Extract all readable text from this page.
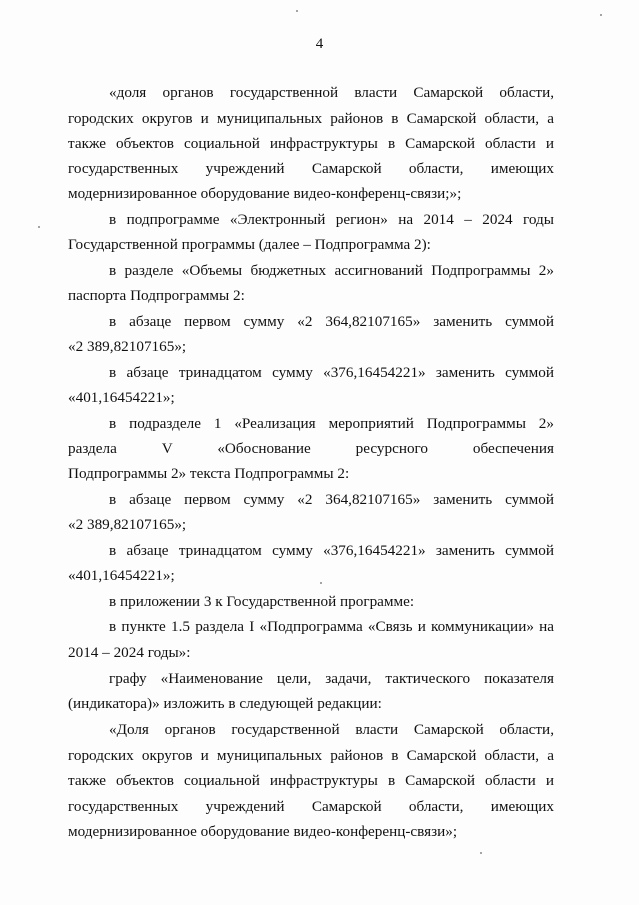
4
«доля органов государственной власти Самарской области,
городских округов и муниципальных районов в Самарской области, а
также объектов социальной инфраструктуры в Самарской области и
государственных учреждений Самарской области, имеющих
модернизированное оборудование видео-конференц-связи;»;
в подпрограмме «Электронный регион» на 2014 – 2024 годы
Государственной программы (далее – Подпрограмма 2):
в разделе «Объемы бюджетных ассигнований Подпрограммы 2»
паспорта Подпрограммы 2:
в абзаце первом сумму «2 364,82107165» заменить суммой
«2 389,82107165»;
в абзаце тринадцатом сумму «376,16454221» заменить суммой
«401,16454221»;
в подразделе 1 «Реализация мероприятий Подпрограммы 2»
раздела V «Обоснование ресурсного обеспечения
Подпрограммы 2» текста Подпрограммы 2:
в абзаце первом сумму «2 364,82107165» заменить суммой
«2 389,82107165»;
в абзаце тринадцатом сумму «376,16454221» заменить суммой
«401,16454221»;
в приложении 3 к Государственной программе:
в пункте 1.5 раздела I «Подпрограмма «Связь и коммуникации» на
2014 – 2024 годы»:
графу «Наименование цели, задачи, тактического показателя
(индикатора)» изложить в следующей редакции:
«Доля органов государственной власти Самарской области,
городских округов и муниципальных районов в Самарской области, а
также объектов социальной инфраструктуры в Самарской области и
государственных учреждений Самарской области, имеющих
модернизированное оборудование видео-конференц-связи»;
